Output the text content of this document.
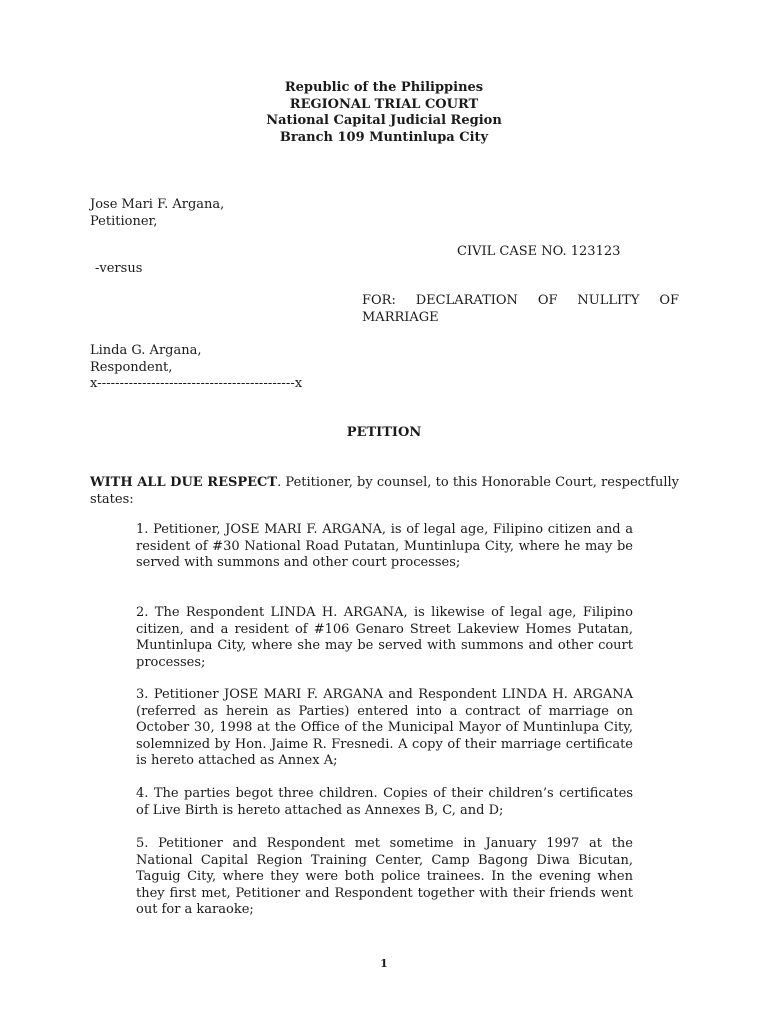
Republic of the Philippines
REGIONAL TRIAL COURT
National Capital Judicial Region
Branch 109 Muntinlupa City
Jose Mari F. Argana,
Petitioner,
CIVIL CASE NO. 123123
-versus
FOR: DECLARATION OF NULLITY OF
MARRIAGE
Linda G. Argana,
Respondent,
x--------------------------------------------x
PETITION
WITH ALL DUE RESPECT. Petitioner, by counsel, to this Honorable Court, respectfully states:
1. Petitioner, JOSE MARI F. ARGANA, is of legal age, Filipino citizen and a resident of #30 National Road Putatan, Muntinlupa City, where he may be served with summons and other court processes;
2. The Respondent LINDA H. ARGANA, is likewise of legal age, Filipino citizen, and a resident of #106 Genaro Street Lakeview Homes Putatan, Muntinlupa City, where she may be served with summons and other court processes;
3. Petitioner JOSE MARI F. ARGANA and Respondent LINDA H. ARGANA (referred as herein as Parties) entered into a contract of marriage on October 30, 1998 at the Office of the Municipal Mayor of Muntinlupa City, solemnized by Hon. Jaime R. Fresnedi. A copy of their marriage certificate is hereto attached as Annex A;
4. The parties begot three children. Copies of their children’s certificates of Live Birth is hereto attached as Annexes B, C, and D;
5. Petitioner and Respondent met sometime in January 1997 at the National Capital Region Training Center, Camp Bagong Diwa Bicutan, Taguig City, where they were both police trainees. In the evening when they first met, Petitioner and Respondent together with their friends went out for a karaoke;
1
